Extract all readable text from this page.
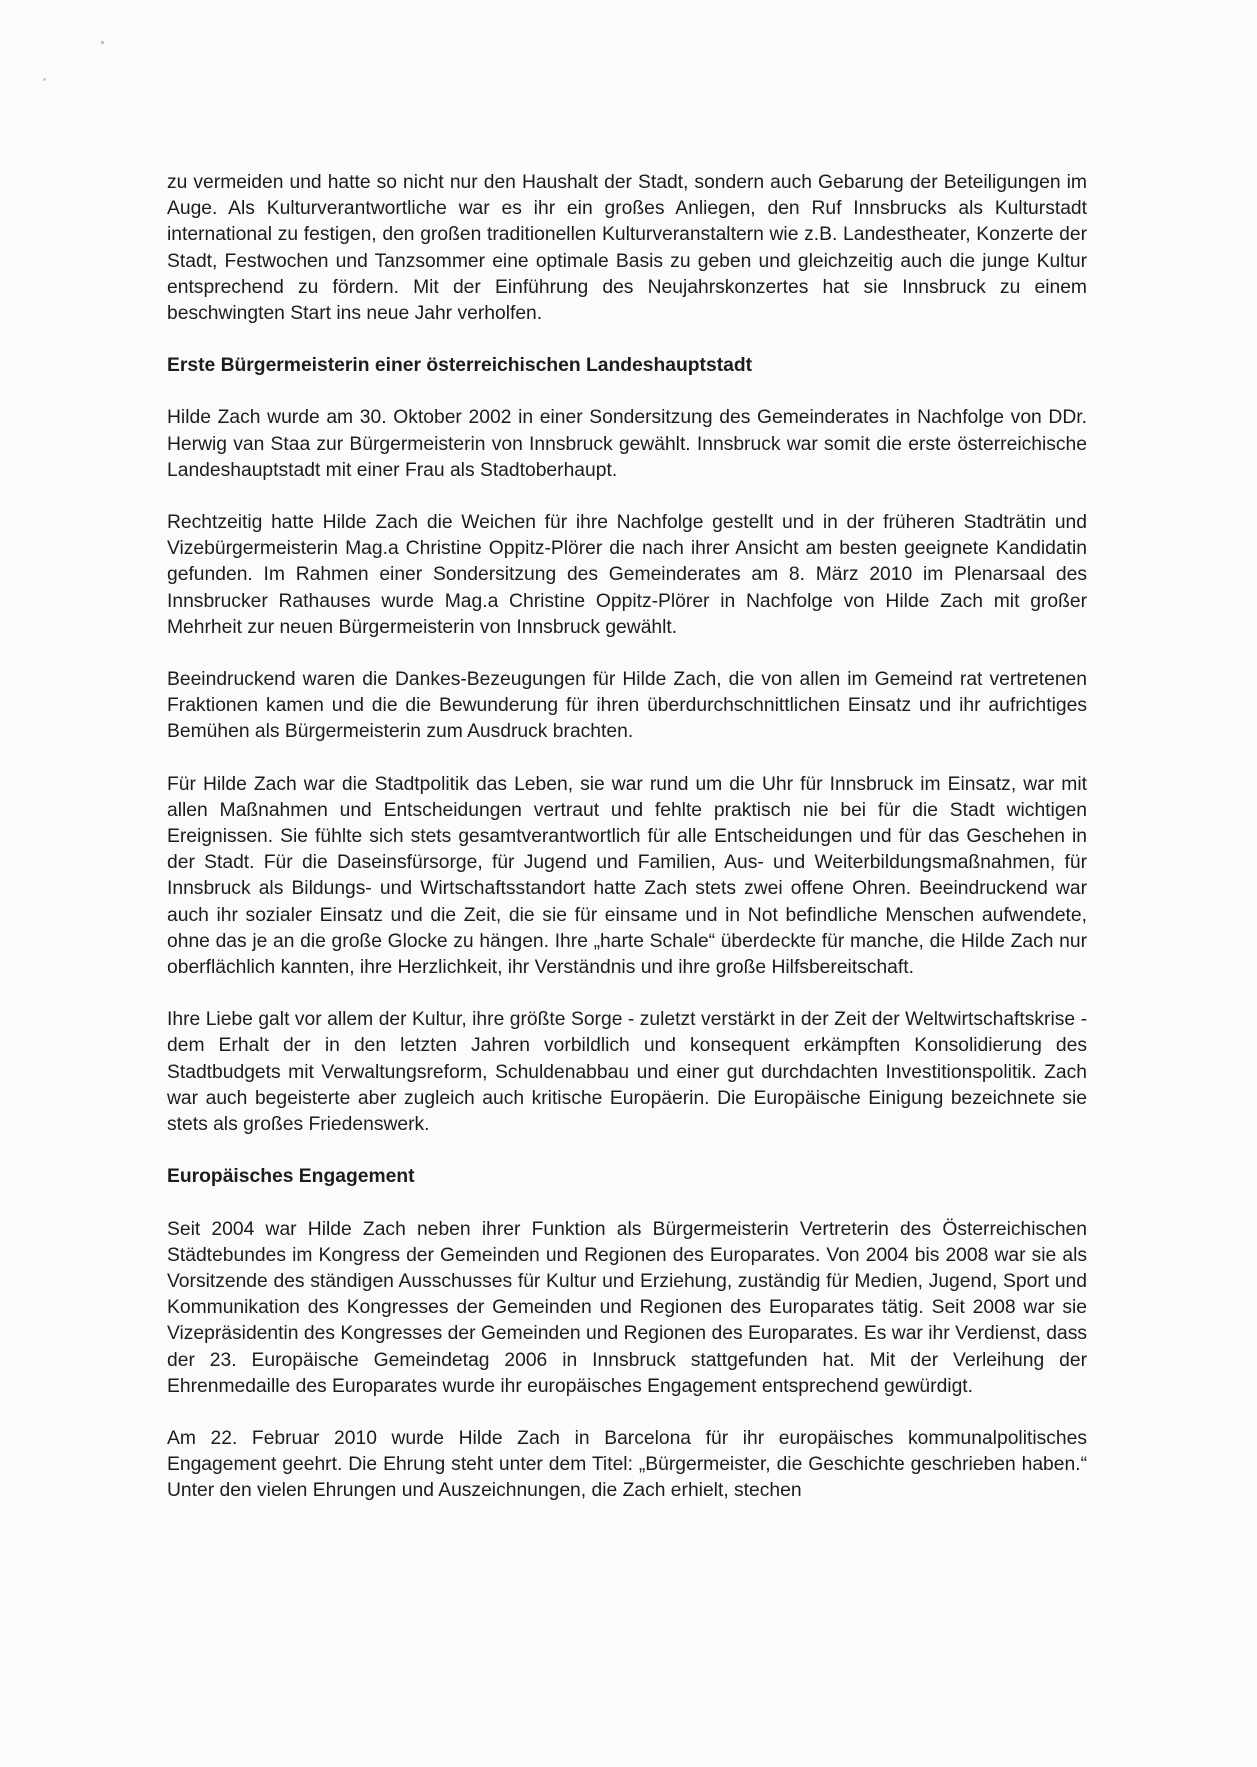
zu vermeiden und hatte so nicht nur den Haushalt der Stadt, sondern auch Gebarung der Beteiligungen im Auge. Als Kulturverantwortliche war es ihr ein großes Anliegen, den Ruf Innsbrucks als Kulturstadt international zu festigen, den großen traditionellen Kulturveranstaltern wie z.B. Landestheater, Konzerte der Stadt, Festwochen und Tanzsommer eine optimale Basis zu geben und gleichzeitig auch die junge Kultur entsprechend zu fördern. Mit der Einführung des Neujahrskonzertes hat sie Innsbruck zu einem beschwingten Start ins neue Jahr verholfen.

Erste Bürgermeisterin einer österreichischen Landeshauptstadt

Hilde Zach wurde am 30. Oktober 2002 in einer Sondersitzung des Gemeinderates in Nachfolge von DDr. Herwig van Staa zur Bürgermeisterin von Innsbruck gewählt. Innsbruck war somit die erste österreichische Landeshauptstadt mit einer Frau als Stadtoberhaupt.

Rechtzeitig hatte Hilde Zach die Weichen für ihre Nachfolge gestellt und in der früheren Stadträtin und Vizebürgermeisterin Mag.a Christine Oppitz-Plörer die nach ihrer Ansicht am besten geeignete Kandidatin gefunden. Im Rahmen einer Sondersitzung des Gemeinderates am 8. März 2010 im Plenarsaal des Innsbrucker Rathauses wurde Mag.a Christine Oppitz-Plörer in Nachfolge von Hilde Zach mit großer Mehrheit zur neuen Bürgermeisterin von Innsbruck gewählt.

Beeindruckend waren die Dankes-Bezeugungen für Hilde Zach, die von allen im Gemeind rat vertretenen Fraktionen kamen und die die Bewunderung für ihren überdurchschnittlichen Einsatz und ihr aufrichtiges Bemühen als Bürgermeisterin zum Ausdruck brachten.

Für Hilde Zach war die Stadtpolitik das Leben, sie war rund um die Uhr für Innsbruck im Einsatz, war mit allen Maßnahmen und Entscheidungen vertraut und fehlte praktisch nie bei für die Stadt wichtigen Ereignissen. Sie fühlte sich stets gesamtverantwortlich für alle Entscheidungen und für das Geschehen in der Stadt. Für die Daseinsfürsorge, für Jugend und Familien, Aus- und Weiterbildungsmaßnahmen, für Innsbruck als Bildungs- und Wirtschaftsstandort hatte Zach stets zwei offene Ohren. Beeindruckend war auch ihr sozialer Einsatz und die Zeit, die sie für einsame und in Not befindliche Menschen aufwendete, ohne das je an die große Glocke zu hängen. Ihre „harte Schale“ überdeckte für manche, die Hilde Zach nur oberflächlich kannten, ihre Herzlichkeit, ihr Verständnis und ihre große Hilfsbereitschaft.

Ihre Liebe galt vor allem der Kultur, ihre größte Sorge - zuletzt verstärkt in der Zeit der Weltwirtschaftskrise - dem Erhalt der in den letzten Jahren vorbildlich und konsequent erkämpften Konsolidierung des Stadtbudgets mit Verwaltungsreform, Schuldenabbau und einer gut durchdachten Investitionspolitik. Zach war auch begeisterte aber zugleich auch kritische Europäerin. Die Europäische Einigung bezeichnete sie stets als großes Friedenswerk.

Europäisches Engagement

Seit 2004 war Hilde Zach neben ihrer Funktion als Bürgermeisterin Vertreterin des Österreichischen Städtebundes im Kongress der Gemeinden und Regionen des Europarates. Von 2004 bis 2008 war sie als Vorsitzende des ständigen Ausschusses für Kultur und Erziehung, zuständig für Medien, Jugend, Sport und Kommunikation des Kongresses der Gemeinden und Regionen des Europarates tätig. Seit 2008 war sie Vizepräsidentin des Kongresses der Gemeinden und Regionen des Europarates. Es war ihr Verdienst, dass der 23. Europäische Gemeindetag 2006 in Innsbruck stattgefunden hat. Mit der Verleihung der Ehrenmedaille des Europarates wurde ihr europäisches Engagement entsprechend gewürdigt.

Am 22. Februar 2010 wurde Hilde Zach in Barcelona für ihr europäisches kommunalpolitisches Engagement geehrt. Die Ehrung steht unter dem Titel: „Bürgermeister, die Geschichte geschrieben haben.“ Unter den vielen Ehrungen und Auszeichnungen, die Zach erhielt, stechen
